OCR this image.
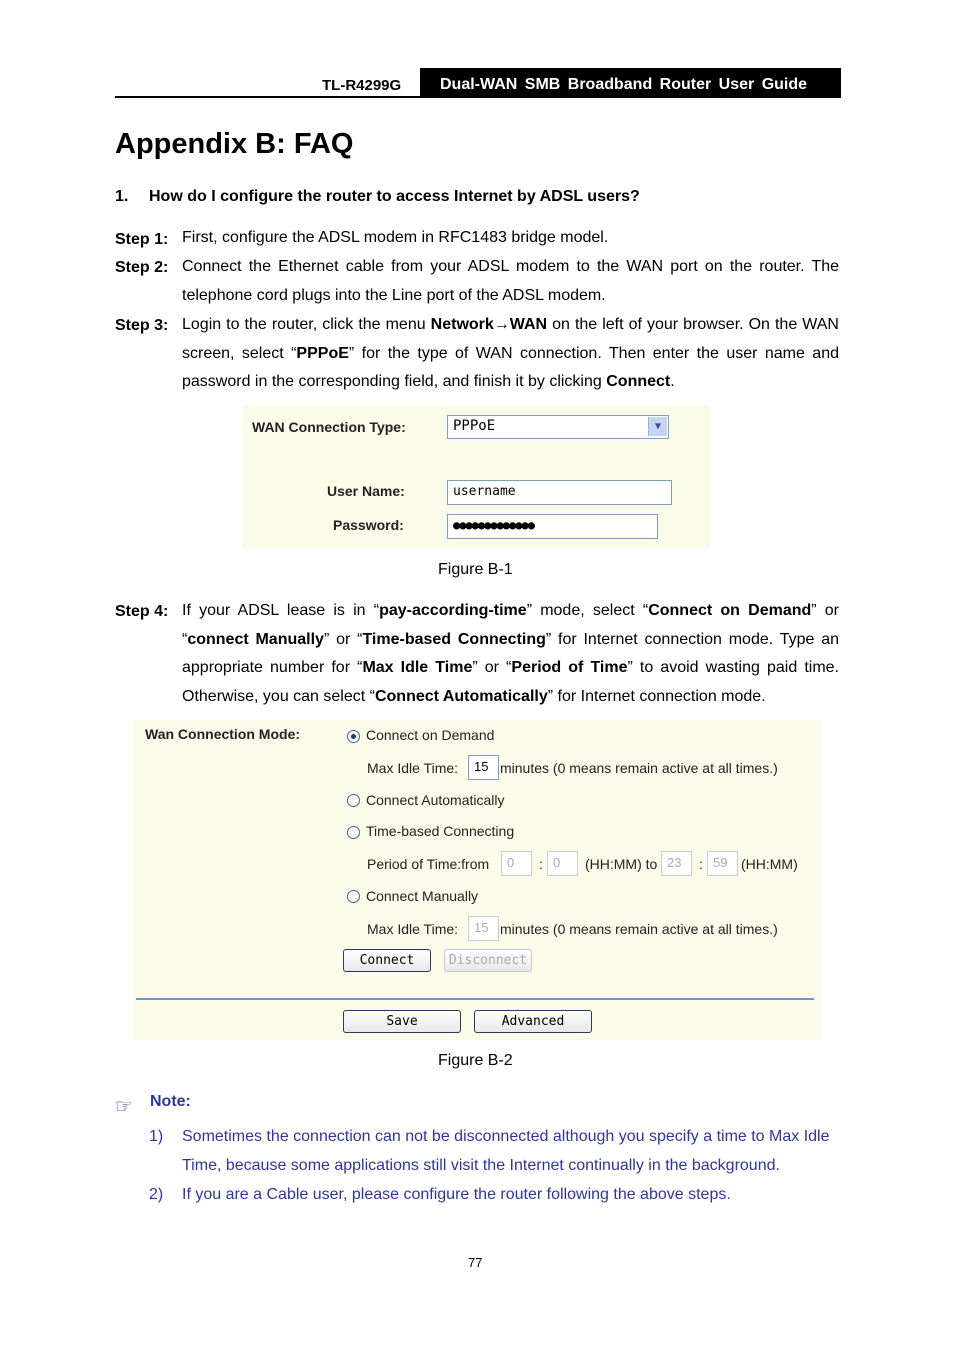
TL-R4299G	Dual-WAN SMB Broadband Router User Guide
Appendix B: FAQ
1. How do I configure the router to access Internet by ADSL users?
Step 1: First, configure the ADSL modem in RFC1483 bridge model.
Step 2: Connect the Ethernet cable from your ADSL modem to the WAN port on the router. The telephone cord plugs into the Line port of the ADSL modem.
Step 3: Login to the router, click the menu Network→WAN on the left of your browser. On the WAN screen, select “PPPoE” for the type of WAN connection. Then enter the user name and password in the corresponding field, and finish it by clicking Connect.
WAN Connection Type:	PPPoE	▼
User Name:	username
Password:	●●●●●●●●●●●●●
Figure B-1
Step 4: If your ADSL lease is in “pay-according-time” mode, select “Connect on Demand” or “connect Manually” or “Time-based Connecting” for Internet connection mode. Type an appropriate number for “Max Idle Time” or “Period of Time” to avoid wasting paid time. Otherwise, you can select “Connect Automatically” for Internet connection mode.
Wan Connection Mode:	Connect on Demand
Max Idle Time:	15 minutes (0 means remain active at all times.)
Connect Automatically
Time-based Connecting
Period of Time:from	0	: 0	(HH:MM) to 23	: 59 (HH:MM)
Connect Manually
Max Idle Time:	15 minutes (0 means remain active at all times.)
Connect	Disconnect
Save	Advanced
Figure B-2
☞ Note:
1) Sometimes the connection can not be disconnected although you specify a time to Max Idle Time, because some applications still visit the Internet continually in the background.
2) If you are a Cable user, please configure the router following the above steps.
77
